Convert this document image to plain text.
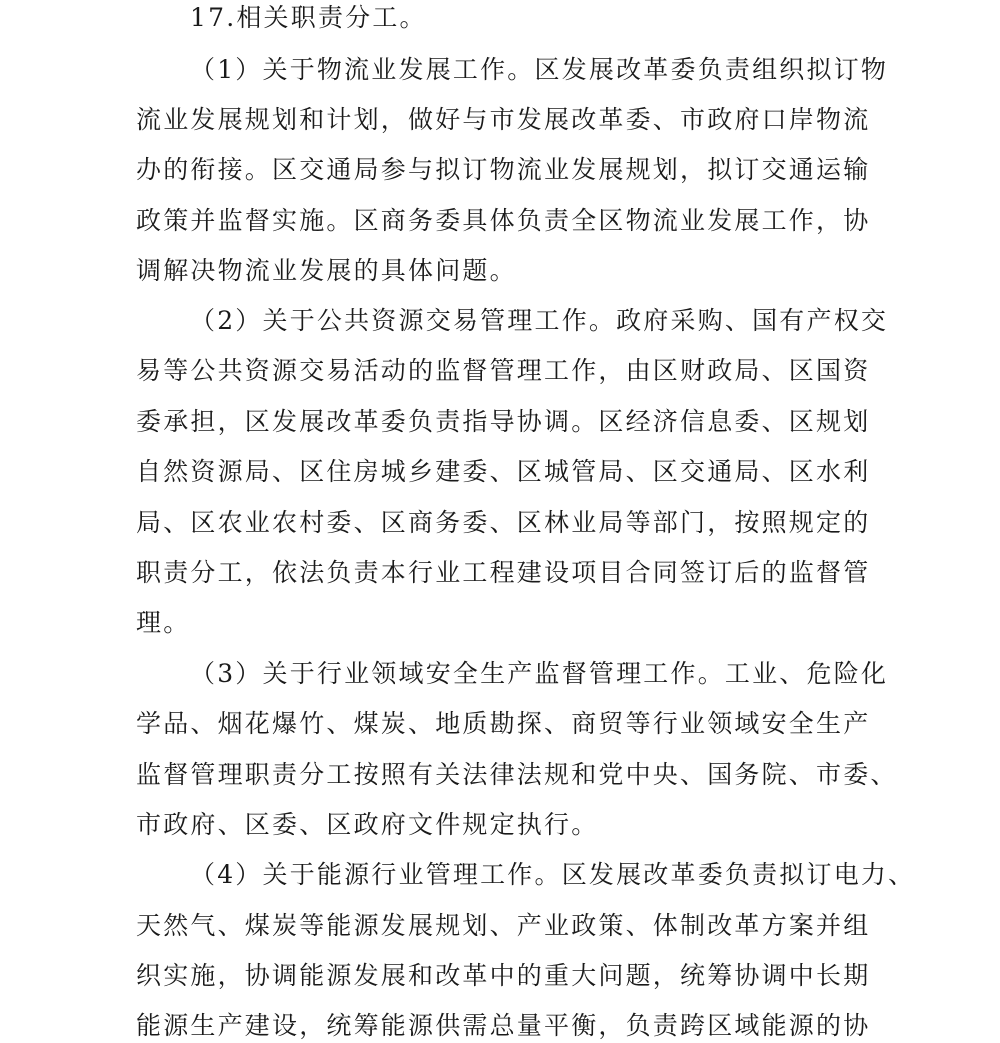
17.相关职责分工。
（1）关于物流业发展工作。区发展改革委负责组织拟订物
流业发展规划和计划，做好与市发展改革委、市政府口岸物流
办的衔接。区交通局参与拟订物流业发展规划，拟订交通运输
政策并监督实施。区商务委具体负责全区物流业发展工作，协
调解决物流业发展的具体问题。
（2）关于公共资源交易管理工作。政府采购、国有产权交
易等公共资源交易活动的监督管理工作，由区财政局、区国资
委承担，区发展改革委负责指导协调。区经济信息委、区规划
自然资源局、区住房城乡建委、区城管局、区交通局、区水利
局、区农业农村委、区商务委、区林业局等部门，按照规定的
职责分工，依法负责本行业工程建设项目合同签订后的监督管
理。
（3）关于行业领域安全生产监督管理工作。工业、危险化
学品、烟花爆竹、煤炭、地质勘探、商贸等行业领域安全生产
监督管理职责分工按照有关法律法规和党中央、国务院、市委、
市政府、区委、区政府文件规定执行。
（4）关于能源行业管理工作。区发展改革委负责拟订电力、
天然气、煤炭等能源发展规划、产业政策、体制改革方案并组
织实施，协调能源发展和改革中的重大问题，统筹协调中长期
能源生产建设，统筹能源供需总量平衡，负责跨区域能源的协
